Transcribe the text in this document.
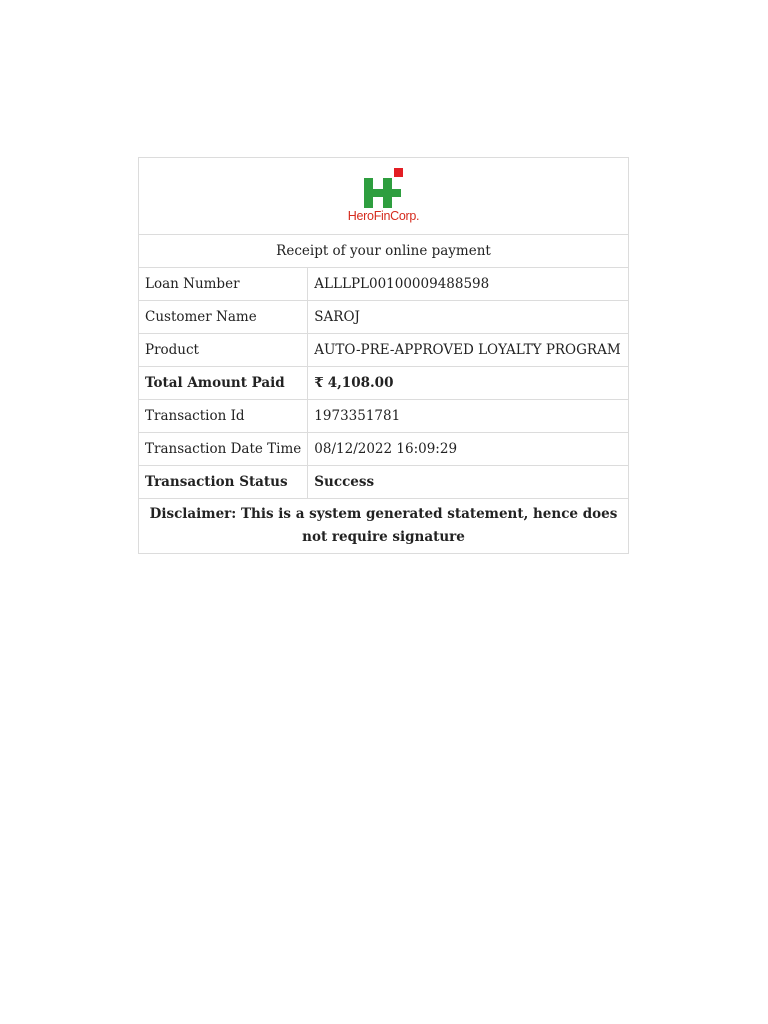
HeroFinCorp.	

Receipt of your online payment	
Loan Number	ALLLPL00100009488598
Customer Name	SAROJ
Product	AUTO-PRE-APPROVED LOYALTY PROGRAM
Total Amount Paid	₹ 4,108.00
Transaction Id	1973351781
Transaction Date Time	08/12/2022 16:09:29
Transaction Status	Success
Disclaimer: This is a system generated statement, hence does not require signature	
